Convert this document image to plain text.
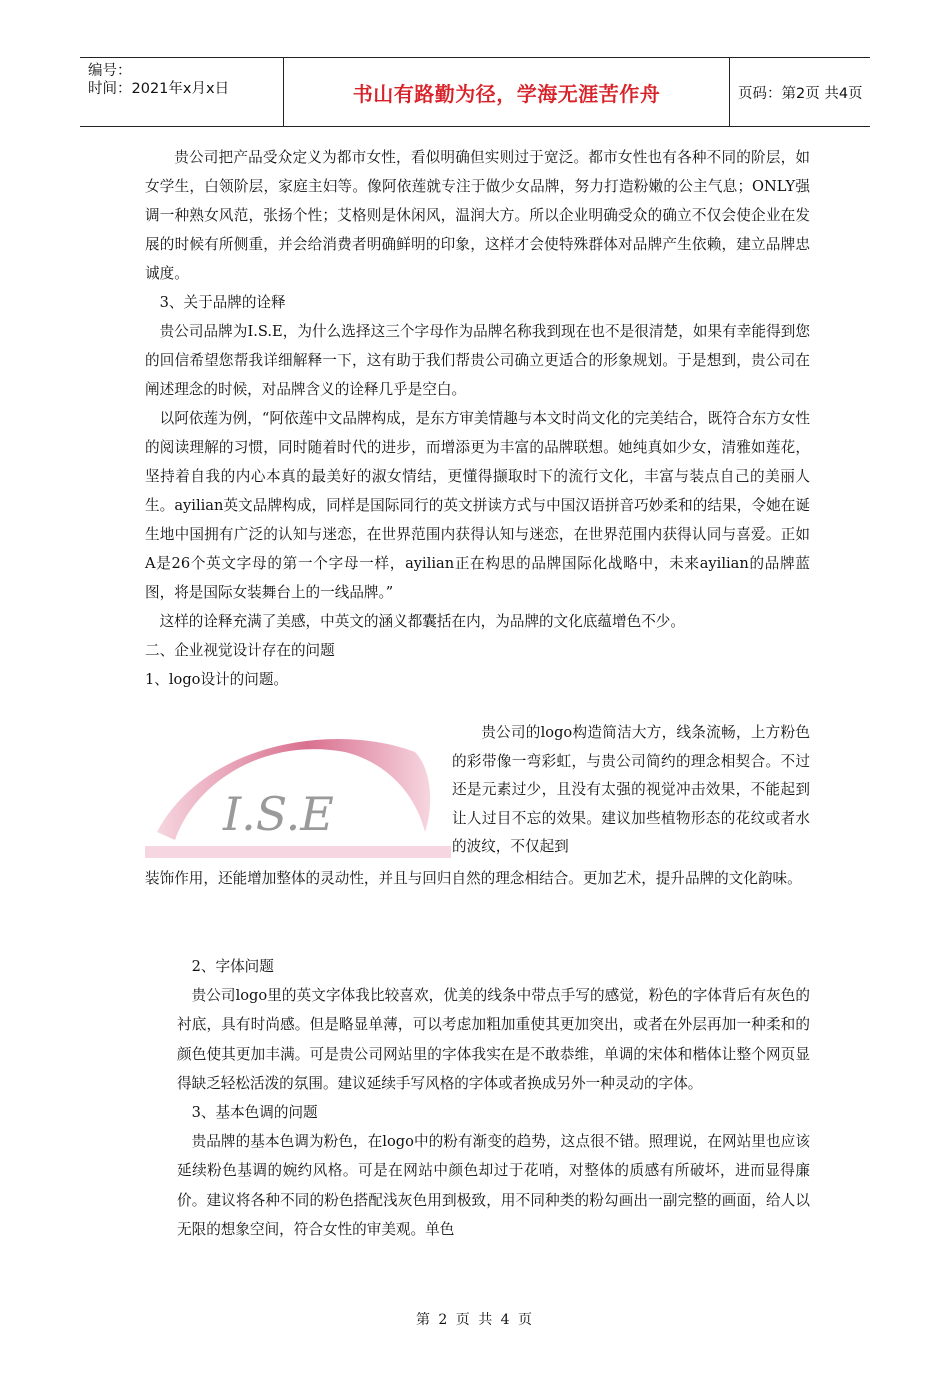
编号：
时间：2021年x月x日	书山有路勤为径，学海无涯苦作舟	页码：第2页 共4页

贵公司把产品受众定义为都市女性，看似明确但实则过于宽泛。都市女性也有各种不同的阶层，如女学生，白领阶层，家庭主妇等。像阿依莲就专注于做少女品牌，努力打造粉嫩的公主气息；ONLY强调一种熟女风范，张扬个性；艾格则是休闲风，温润大方。所以企业明确受众的确立不仅会使企业在发展的时候有所侧重，并会给消费者明确鲜明的印象，这样才会使特殊群体对品牌产生依赖，建立品牌忠诚度。

3、关于品牌的诠释

贵公司品牌为I.S.E，为什么选择这三个字母作为品牌名称我到现在也不是很清楚，如果有幸能得到您的回信希望您帮我详细解释一下，这有助于我们帮贵公司确立更适合的形象规划。于是想到，贵公司在阐述理念的时候，对品牌含义的诠释几乎是空白。

以阿依莲为例，“阿依莲中文品牌构成，是东方审美情趣与本文时尚文化的完美结合，既符合东方女性的阅读理解的习惯，同时随着时代的进步，而增添更为丰富的品牌联想。她纯真如少女，清雅如莲花，坚持着自我的内心本真的最美好的淑女情结，更懂得撷取时下的流行文化，丰富与装点自己的美丽人生。ayilian英文品牌构成，同样是国际同行的英文拼读方式与中国汉语拼音巧妙柔和的结果，令她在诞生地中国拥有广泛的认知与迷恋，在世界范围内获得认知与迷恋，在世界范围内获得认同与喜爱。正如A是26个英文字母的第一个字母一样，ayilian正在构思的品牌国际化战略中，未来ayilian的品牌蓝图，将是国际女装舞台上的一线品牌。”

这样的诠释充满了美感，中英文的涵义都囊括在内，为品牌的文化底蕴增色不少。

二、企业视觉设计存在的问题

1、logo设计的问题。

I.S.E

贵公司的logo构造简洁大方，线条流畅，上方粉色的彩带像一弯彩虹，与贵公司简约的理念相契合。不过还是元素过少，且没有太强的视觉冲击效果，不能起到让人过目不忘的效果。建议加些植物形态的花纹或者水的波纹，不仅起到

装饰作用，还能增加整体的灵动性，并且与回归自然的理念相结合。更加艺术，提升品牌的文化韵味。

2、字体问题

贵公司logo里的英文字体我比较喜欢，优美的线条中带点手写的感觉，粉色的字体背后有灰色的衬底，具有时尚感。但是略显单薄，可以考虑加粗加重使其更加突出，或者在外层再加一种柔和的颜色使其更加丰满。可是贵公司网站里的字体我实在是不敢恭维，单调的宋体和楷体让整个网页显得缺乏轻松活泼的氛围。建议延续手写风格的字体或者换成另外一种灵动的字体。

3、基本色调的问题

贵品牌的基本色调为粉色，在logo中的粉有渐变的趋势，这点很不错。照理说，在网站里也应该延续粉色基调的婉约风格。可是在网站中颜色却过于花哨，对整体的质感有所破坏，进而显得廉价。建议将各种不同的粉色搭配浅灰色用到极致，用不同种类的粉勾画出一副完整的画面，给人以无限的想象空间，符合女性的审美观。单色

第 2 页 共 4 页
